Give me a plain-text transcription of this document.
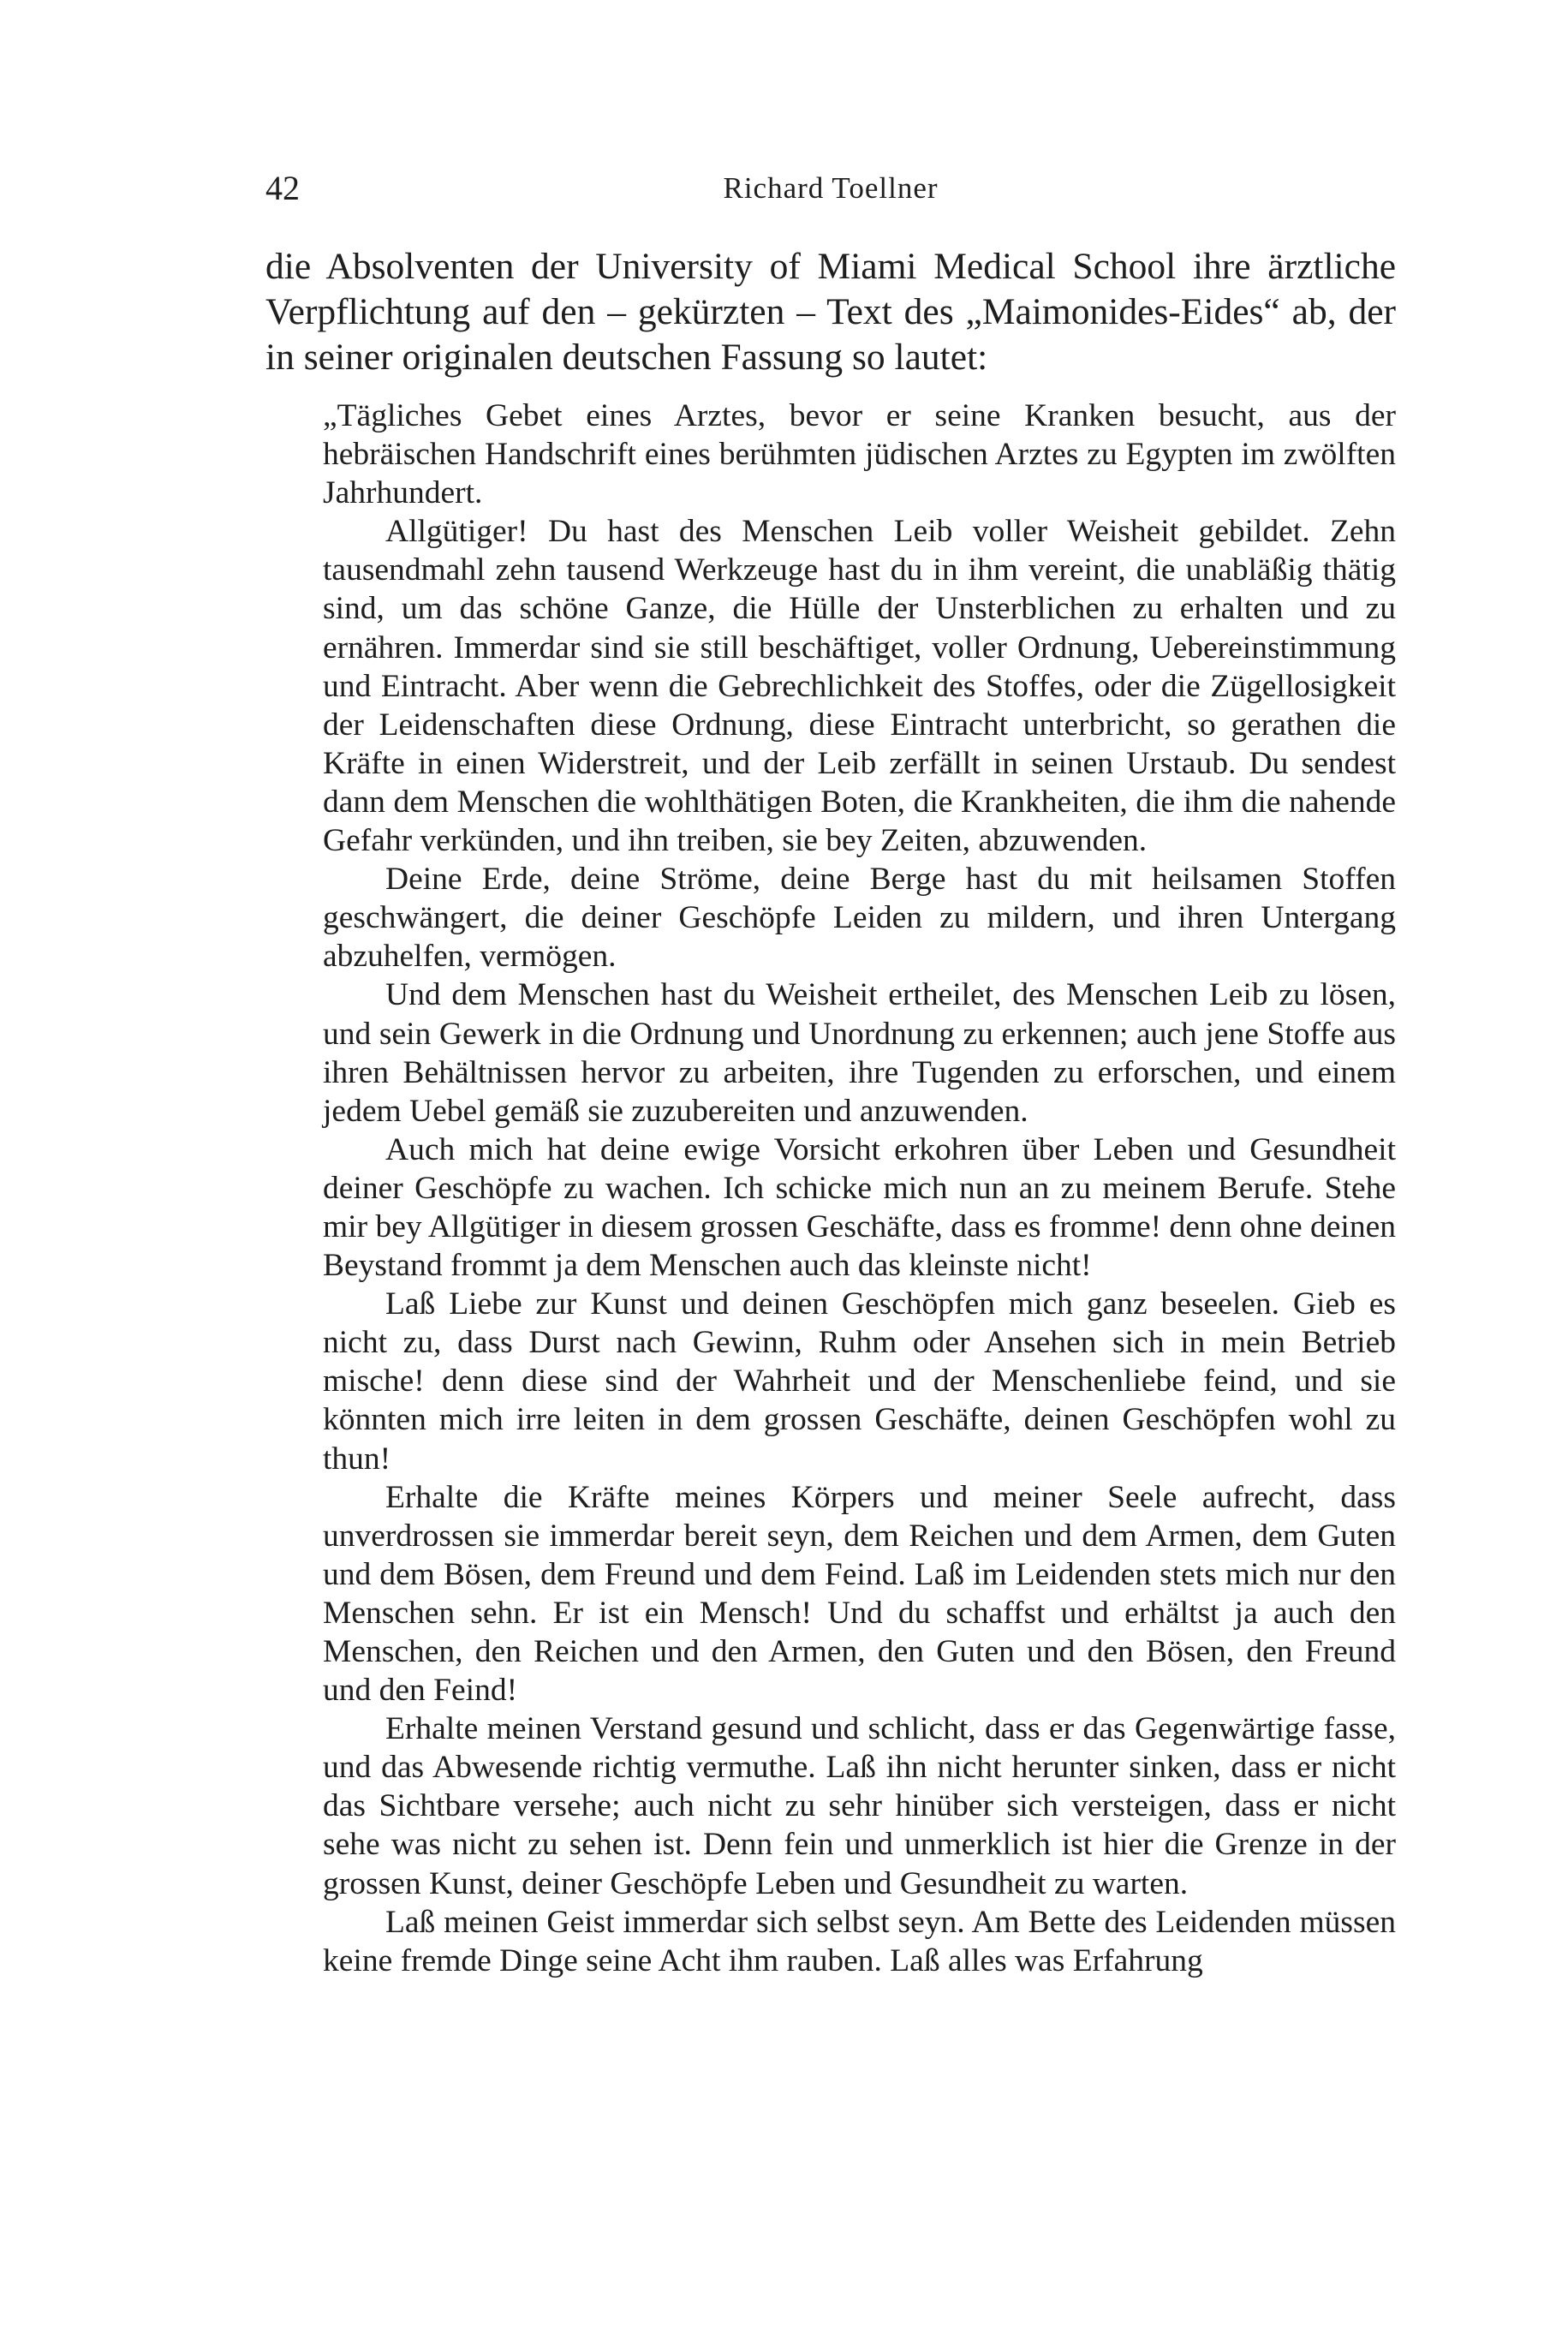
42	Richard Toellner

die Absolventen der University of Miami Medical School ihre ärztliche Verpflichtung auf den – gekürzten – Text des „Maimonides-Eides“ ab, der in seiner originalen deutschen Fassung so lautet:

„Tägliches Gebet eines Arztes, bevor er seine Kranken besucht, aus der hebräischen Handschrift eines berühmten jüdischen Arztes zu Egypten im zwölften Jahrhundert.

Allgütiger! Du hast des Menschen Leib voller Weisheit gebildet. Zehn tausendmahl zehn tausend Werkzeuge hast du in ihm vereint, die unabläßig thätig sind, um das schöne Ganze, die Hülle der Unsterblichen zu erhalten und zu ernähren. Immerdar sind sie still beschäftiget, voller Ordnung, Uebereinstimmung und Eintracht. Aber wenn die Gebrechlichkeit des Stoffes, oder die Zügellosigkeit der Leidenschaften diese Ordnung, diese Eintracht unterbricht, so gerathen die Kräfte in einen Widerstreit, und der Leib zerfällt in seinen Urstaub. Du sendest dann dem Menschen die wohlthätigen Boten, die Krankheiten, die ihm die nahende Gefahr verkünden, und ihn treiben, sie bey Zeiten, abzuwenden.

Deine Erde, deine Ströme, deine Berge hast du mit heilsamen Stoffen geschwängert, die deiner Geschöpfe Leiden zu mildern, und ihren Untergang abzuhelfen, vermögen.

Und dem Menschen hast du Weisheit ertheilet, des Menschen Leib zu lösen, und sein Gewerk in die Ordnung und Unordnung zu erkennen; auch jene Stoffe aus ihren Behältnissen hervor zu arbeiten, ihre Tugenden zu erforschen, und einem jedem Uebel gemäß sie zuzubereiten und anzuwenden.

Auch mich hat deine ewige Vorsicht erkohren über Leben und Gesundheit deiner Geschöpfe zu wachen. Ich schicke mich nun an zu meinem Berufe. Stehe mir bey Allgütiger in diesem grossen Geschäfte, dass es fromme! denn ohne deinen Beystand frommt ja dem Menschen auch das kleinste nicht!

Laß Liebe zur Kunst und deinen Geschöpfen mich ganz beseelen. Gieb es nicht zu, dass Durst nach Gewinn, Ruhm oder Ansehen sich in mein Betrieb mische! denn diese sind der Wahrheit und der Menschenliebe feind, und sie könnten mich irre leiten in dem grossen Geschäfte, deinen Geschöpfen wohl zu thun!

Erhalte die Kräfte meines Körpers und meiner Seele aufrecht, dass unverdrossen sie immerdar bereit seyn, dem Reichen und dem Armen, dem Guten und dem Bösen, dem Freund und dem Feind. Laß im Leidenden stets mich nur den Menschen sehn. Er ist ein Mensch! Und du schaffst und erhältst ja auch den Menschen, den Reichen und den Armen, den Guten und den Bösen, den Freund und den Feind!

Erhalte meinen Verstand gesund und schlicht, dass er das Gegenwärtige fasse, und das Abwesende richtig vermuthe. Laß ihn nicht herunter sinken, dass er nicht das Sichtbare versehe; auch nicht zu sehr hinüber sich versteigen, dass er nicht sehe was nicht zu sehen ist. Denn fein und unmerklich ist hier die Grenze in der grossen Kunst, deiner Geschöpfe Leben und Gesundheit zu warten.

Laß meinen Geist immerdar sich selbst seyn. Am Bette des Leidenden müssen keine fremde Dinge seine Acht ihm rauben. Laß alles was Erfahrung
